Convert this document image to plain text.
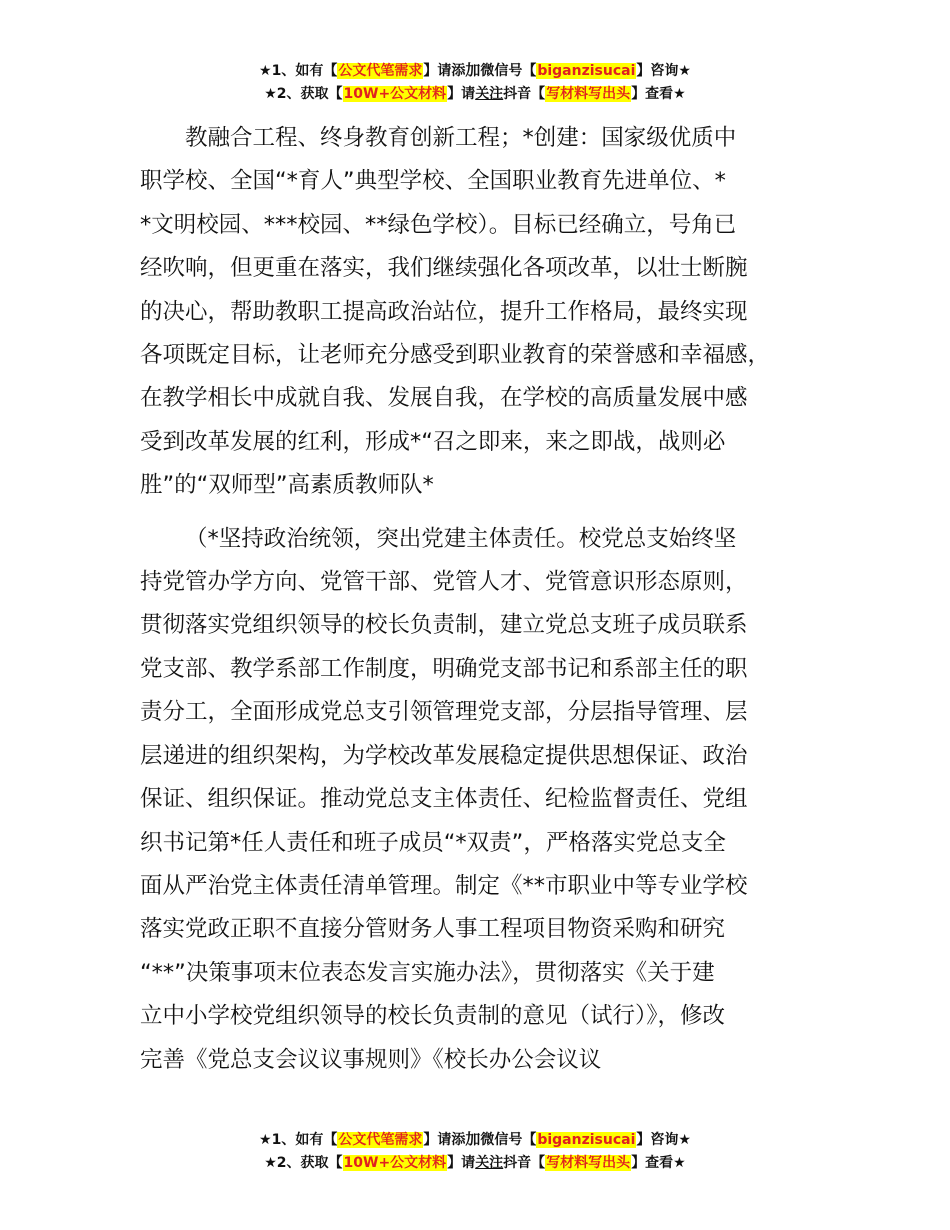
★1、如有【公文代笔需求】请添加微信号【biganzisucai】咨询★
★2、获取【10W+公文材料】请关注抖音【写材料写出头】查看★

教融合工程、终身教育创新工程；*创建：国家级优质中
职学校、全国“*育人”典型学校、全国职业教育先进单位、*
*文明校园、***校园、**绿色学校）。目标已经确立，号角已
经吹响，但更重在落实，我们继续强化各项改革，以壮士断腕
的决心，帮助教职工提高政治站位，提升工作格局，最终实现
各项既定目标，让老师充分感受到职业教育的荣誉感和幸福感，
在教学相长中成就自我、发展自我，在学校的高质量发展中感
受到改革发展的红利，形成*“召之即来，来之即战，战则必
胜”的“双师型”高素质教师队*

（*坚持政治统领，突出党建主体责任。校党总支始终坚
持党管办学方向、党管干部、党管人才、党管意识形态原则，
贯彻落实党组织领导的校长负责制，建立党总支班子成员联系
党支部、教学系部工作制度，明确党支部书记和系部主任的职
责分工，全面形成党总支引领管理党支部，分层指导管理、层
层递进的组织架构，为学校改革发展稳定提供思想保证、政治
保证、组织保证。推动党总支主体责任、纪检监督责任、党组
织书记第*任人责任和班子成员“*双责”，严格落实党总支全
面从严治党主体责任清单管理。制定《**市职业中等专业学校
落实党政正职不直接分管财务人事工程项目物资采购和研究
“**”决策事项末位表态发言实施办法》，贯彻落实《关于建
立中小学校党组织领导的校长负责制的意见（试行）》，修改
完善《党总支会议议事规则》《校长办公会议议

★1、如有【公文代笔需求】请添加微信号【biganzisucai】咨询★
★2、获取【10W+公文材料】请关注抖音【写材料写出头】查看★
